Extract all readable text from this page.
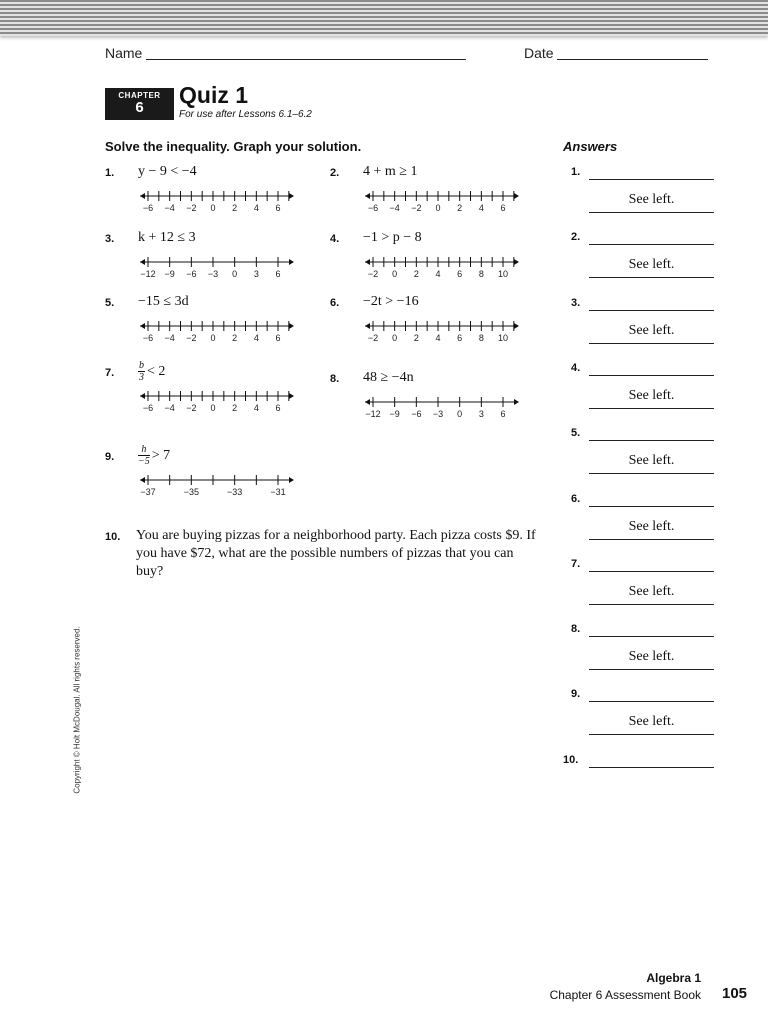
Name	Date
CHAPTER
6	Quiz 1
For use after Lessons 6.1–6.2
Solve the inequality. Graph your solution.	Answers
1. y − 9 < −4
−6 −4 −2 0 2 4 6
2. 4 + m ≥ 1
−6 −4 −2 0 2 4 6
3. k + 12 ≤ 3
−12 −9 −6 −3 0 3 6
4. −1 > p − 8
−2 0 2 4 6 8 10
5. −15 ≤ 3d
−6 −4 −2 0 2 4 6
6. −2t > −16
−2 0 2 4 6 8 10
7. $\frac{b}{3} < 2$
−6 −4 −2 0 2 4 6
8. 48 ≥ −4n
−12 −9 −6 −3 0 3 6
9. $\frac{h}{-5} > 7$
−37	−35	−33	−31
10. You are buying pizzas for a neighborhood party. Each pizza costs $9. If you have $72, what are the possible numbers of pizzas that you can buy?
1.
See left.
2.
See left.
3.
See left.
4.
See left.
5.
See left.
6.
See left.
7.
See left.
8.
See left.
9.
See left.
10.
Copyright © Holt McDougal. All rights reserved.
Algebra 1
Chapter 6 Assessment Book 105
